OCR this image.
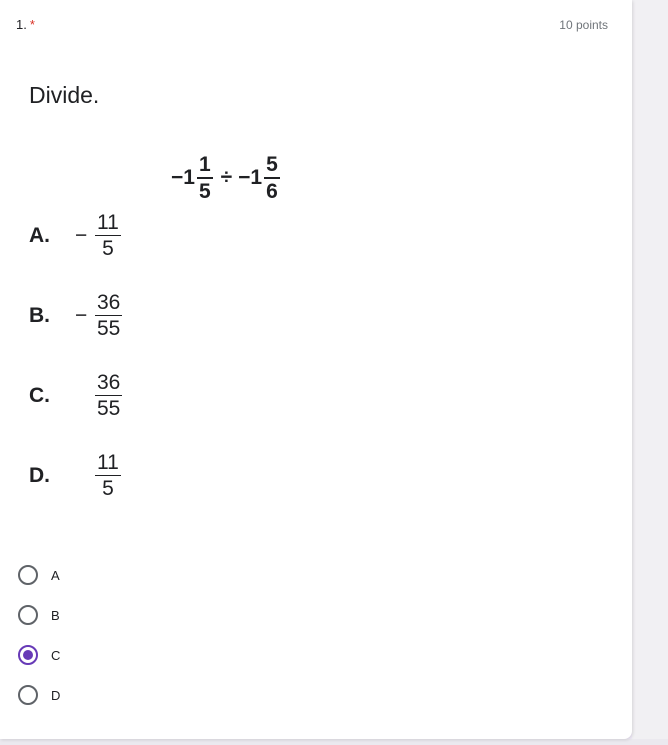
1. *	10 points
Divide.
$-1 \frac{1}{5} \div -1 \frac{5}{6}$
A.	− $\frac{11}{5}$
B.	− $\frac{36}{55}$
C.	$\frac{36}{55}$
D.	$\frac{11}{5}$
A
B
C
D
